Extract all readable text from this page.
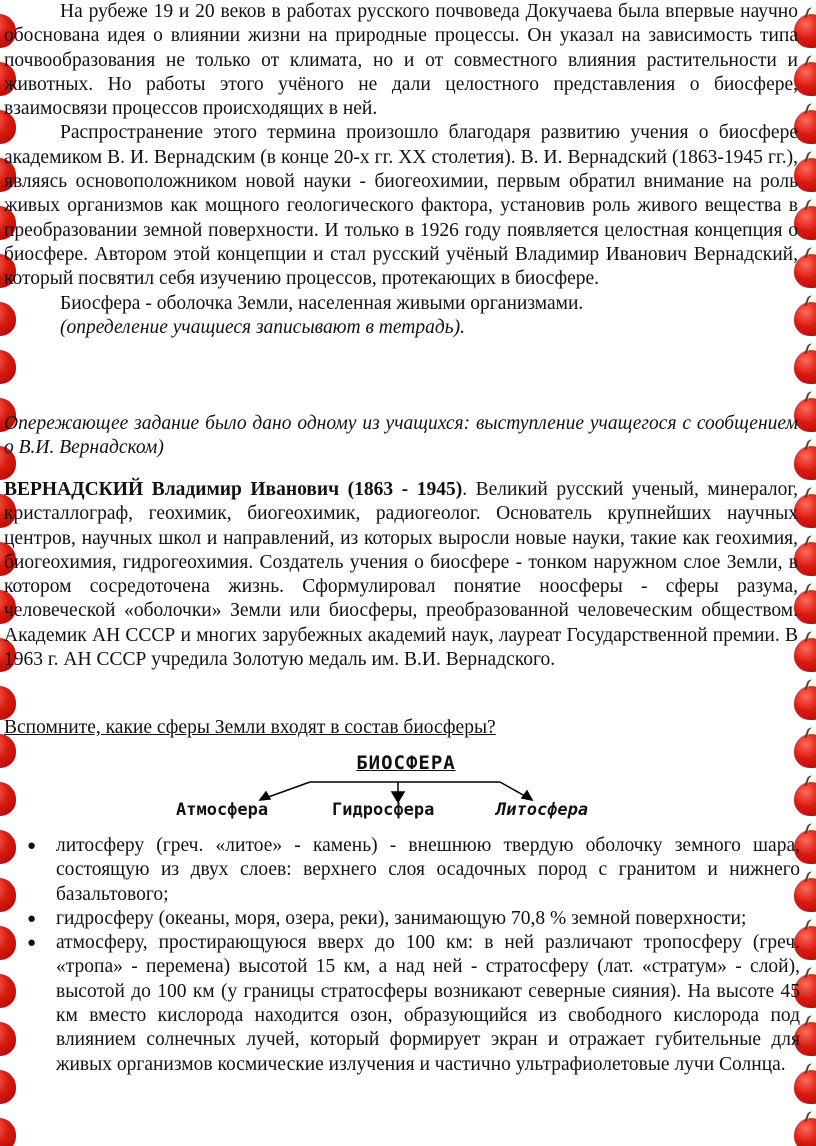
На рубеже 19 и 20 веков в работах русского почвоведа Докучаева была впервые научно обоснована идея о влиянии жизни на природные процессы. Он указал на зависимость типа почвообразования не только от климата, но и от совместного влияния растительности и животных. Но работы этого учёного не дали целостного представления о биосфере, взаимосвязи процессов происходящих в ней.

Распространение этого термина произошло благодаря развитию учения о биосфере академиком В. И. Вернадским (в конце 20-х гг. XX столетия). В. И. Вернадский (1863-1945 гг.), являясь основоположником новой науки - биогеохимии, первым обратил внимание на роль живых организмов как мощного геологического фактора, установив роль живого вещества в преобразовании земной поверхности. И только в 1926 году появляется целостная концепция о биосфере. Автором этой концепции и стал русский учёный Владимир Иванович Вернадский, который посвятил себя изучению процессов, протекающих в биосфере.

Биосфера - оболочка Земли, населенная живыми организмами.

(определение учащиеся записывают в тетрадь).

Опережающее задание было дано одному из учащихся: выступление учащегося с сообщением о В.И. Вернадском)

ВЕРНАДСКИЙ Владимир Иванович (1863 - 1945). Великий русский ученый, минералог, кристаллограф, геохимик, биогеохимик, радиогеолог. Основатель крупнейших научных центров, научных школ и направлений, из которых выросли новые науки, такие как геохимия, биогеохимия, гидрогеохимия. Создатель учения о биосфере - тонком наружном слое Земли, в котором сосредоточена жизнь. Сформулировал понятие ноосферы - сферы разума, человеческой «оболочки» Земли или биосферы, преобразованной человеческим обществом. Академик АН СССР и многих зарубежных академий наук, лауреат Государственной премии. В 1963 г. АН СССР учредила Золотую медаль им. В.И. Вернадского.

Вспомните, какие сферы Земли входят в состав биосферы?

БИОСФЕРА
Атмосфера	Гидросфера	Литосфера
● литосферу (греч. «литое» - камень) - внешнюю твердую оболочку земного шара, состоящую из двух слоев: верхнего слоя осадочных пород с гранитом и нижнего базальтового;
● гидросферу (океаны, моря, озера, реки), занимающую 70,8 % земной поверхности;
● атмосферу, простирающуюся вверх до 100 км: в ней различают тропосферу (греч. «тропа» - перемена) высотой 15 км, а над ней - стратосферу (лат. «стратум» - слой), высотой до 100 км (у границы стратосферы возникают северные сияния). На высоте 45 км вместо кислорода находится озон, образующийся из свободного кислорода под влиянием солнечных лучей, который формирует экран и отражает губительные для живых организмов космические излучения и частично ультрафиолетовые лучи Солнца.
